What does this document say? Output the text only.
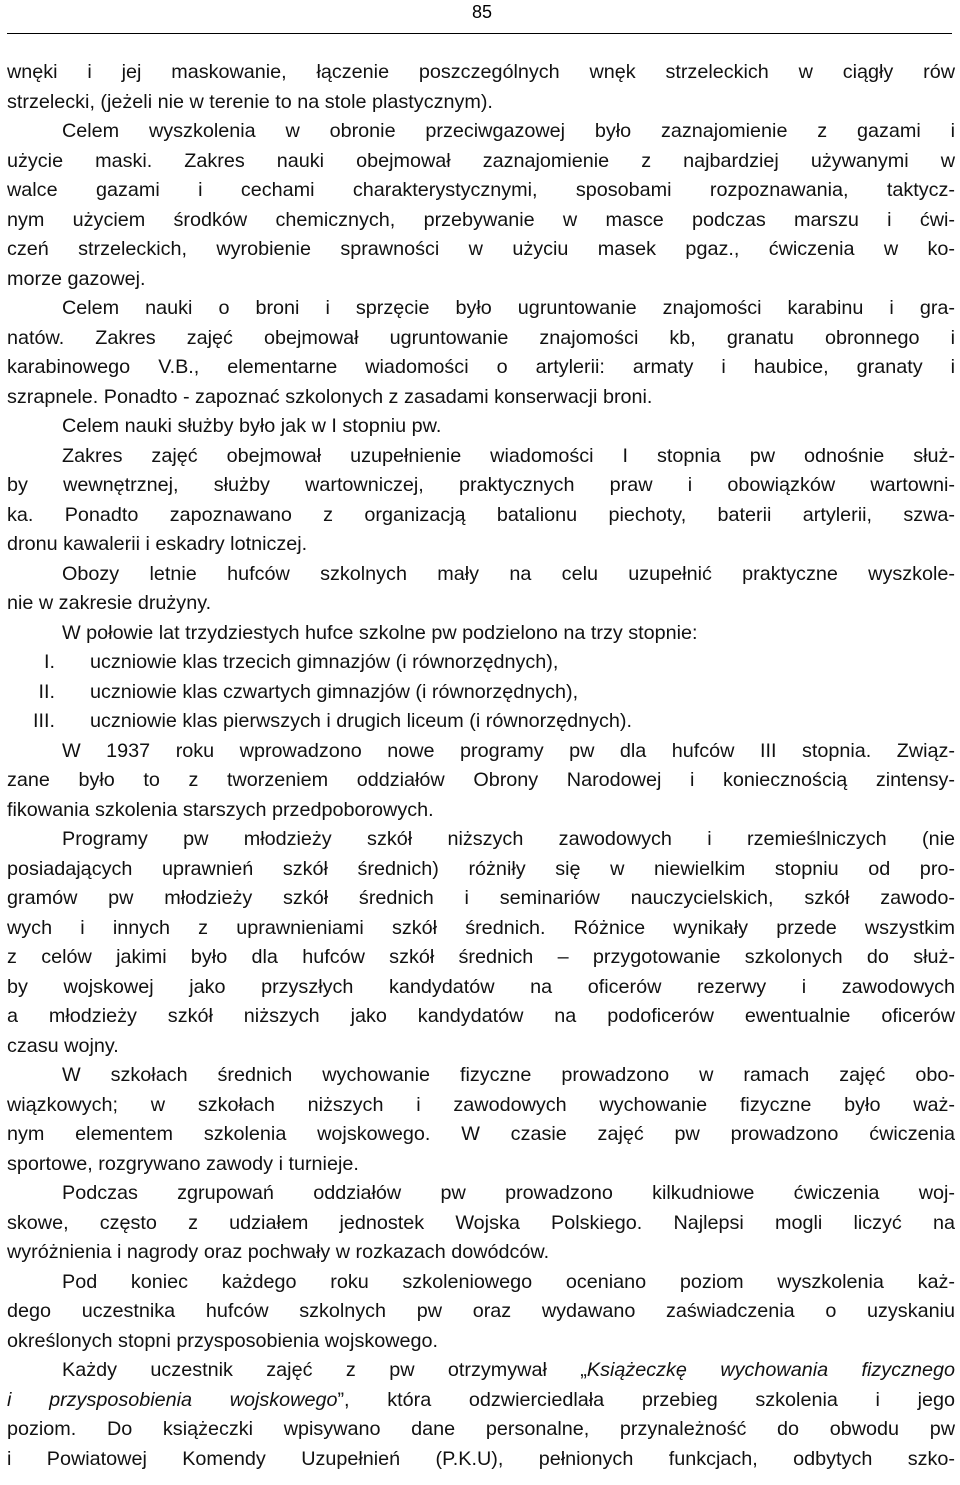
85
wnęki i jej maskowanie, łączenie poszczególnych wnęk strzeleckich w ciągły rów
strzelecki, (jeżeli nie w terenie to na stole plastycznym).
Celem wyszkolenia w obronie przeciwgazowej było zaznajomienie z gazami i
użycie maski. Zakres nauki obejmował zaznajomienie z najbardziej używanymi w
walce gazami i cechami charakterystycznymi, sposobami rozpoznawania, taktycz-
nym użyciem środków chemicznych, przebywanie w masce podczas marszu i ćwi-
czeń strzeleckich, wyrobienie sprawności w użyciu masek pgaz., ćwiczenia w ko-
morze gazowej.
Celem nauki o broni i sprzęcie było ugruntowanie znajomości karabinu i gra-
natów. Zakres zajęć obejmował ugruntowanie znajomości kb, granatu obronnego i
karabinowego V.B., elementarne wiadomości o artylerii: armaty i haubice, granaty i
szrapnele. Ponadto - zapoznać szkolonych z zasadami konserwacji broni.
Celem nauki służby było jak w I stopniu pw.
Zakres zajęć obejmował uzupełnienie wiadomości I stopnia pw odnośnie służ-
by wewnętrznej, służby wartowniczej, praktycznych praw i obowiązków wartowni-
ka. Ponadto zapoznawano z organizacją batalionu piechoty, baterii artylerii, szwa-
dronu kawalerii i eskadry lotniczej.
Obozy letnie hufców szkolnych mały na celu uzupełnić praktyczne wyszkole-
nie w zakresie drużyny.
W połowie lat trzydziestych hufce szkolne pw podzielono na trzy stopnie:
I.	uczniowie klas trzecich gimnazjów (i równorzędnych),
II.	uczniowie klas czwartych gimnazjów (i równorzędnych),
III.	uczniowie klas pierwszych i drugich liceum (i równorzędnych).
W 1937 roku wprowadzono nowe programy pw dla hufców III stopnia. Związ-
zane było to z tworzeniem oddziałów Obrony Narodowej i koniecznością zintensy-
fikowania szkolenia starszych przedpoborowych.
Programy pw młodzieży szkół niższych zawodowych i rzemieślniczych (nie
posiadających uprawnień szkół średnich) różniły się w niewielkim stopniu od pro-
gramów pw młodzieży szkół średnich i seminariów nauczycielskich, szkół zawodo-
wych i innych z uprawnieniami szkół średnich. Różnice wynikały przede wszystkim
z celów jakimi było dla hufców szkół średnich – przygotowanie szkolonych do służ-
by wojskowej jako przyszłych kandydatów na oficerów rezerwy i zawodowych
a młodzieży szkół niższych jako kandydatów na podoficerów ewentualnie oficerów
czasu wojny.
W szkołach średnich wychowanie fizyczne prowadzono w ramach zajęć obo-
wiązkowych; w szkołach niższych i zawodowych wychowanie fizyczne było waż-
nym elementem szkolenia wojskowego. W czasie zajęć pw prowadzono ćwiczenia
sportowe, rozgrywano zawody i turnieje.
Podczas zgrupowań oddziałów pw prowadzono kilkudniowe ćwiczenia woj-
skowe, często z udziałem jednostek Wojska Polskiego. Najlepsi mogli liczyć na
wyróżnienia i nagrody oraz pochwały w rozkazach dowódców.
Pod koniec każdego roku szkoleniowego oceniano poziom wyszkolenia każ-
dego uczestnika hufców szkolnych pw oraz wydawano zaświadczenia o uzyskaniu
określonych stopni przysposobienia wojskowego.
Każdy uczestnik zajęć z pw otrzymywał „Książeczkę wychowania fizycznego
i przysposobienia wojskowego”, która odzwierciedlała przebieg szkolenia i jego
poziom. Do książeczki wpisywano dane personalne, przynależność do obwodu pw
i Powiatowej Komendy Uzupełnień (P.K.U), pełnionych funkcjach, odbytych szko-
